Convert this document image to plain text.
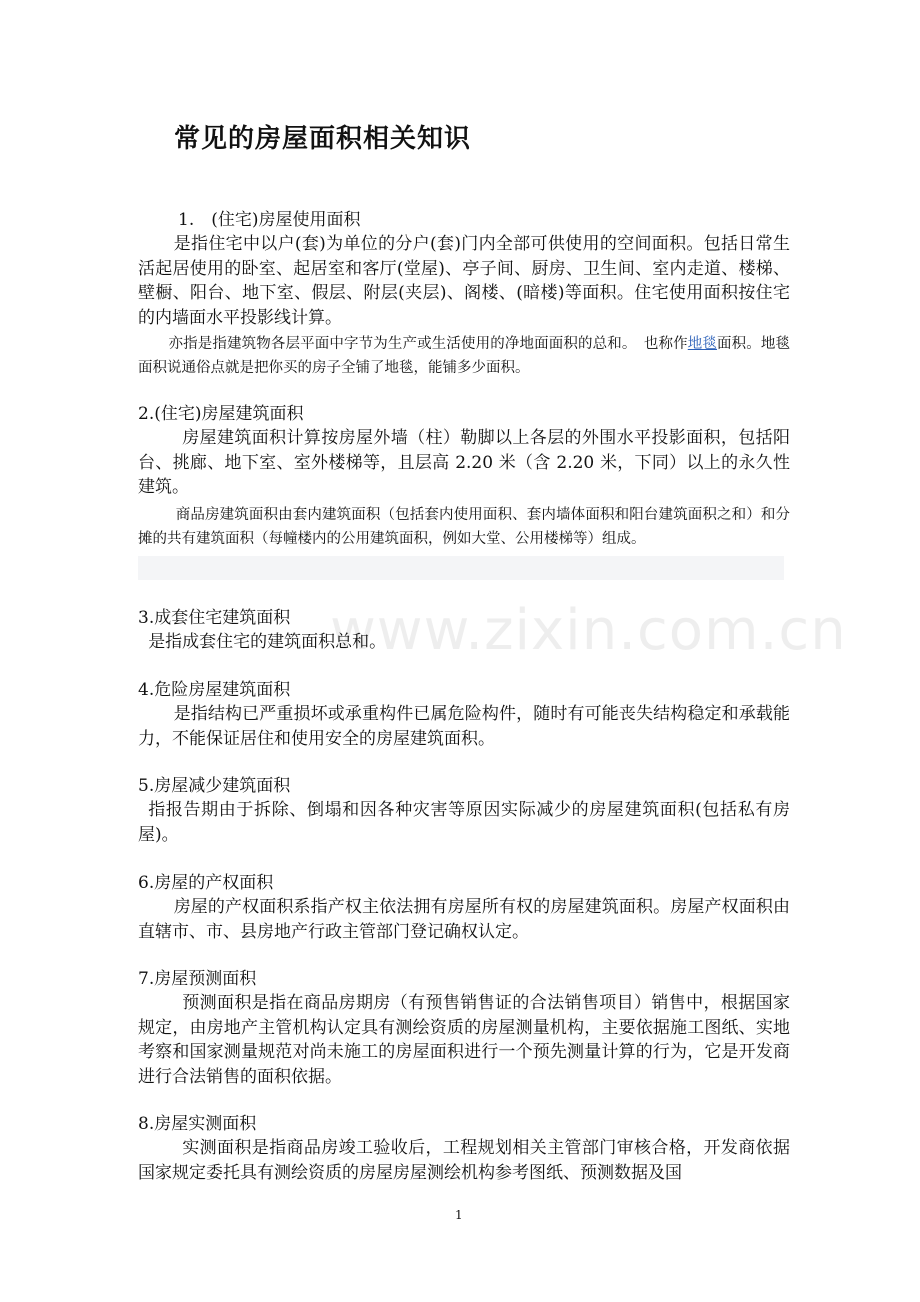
常见的房屋面积相关知识

1.　(住宅)房屋使用面积

是指住宅中以户(套)为单位的分户(套)门内全部可供使用的空间面积。包括日常生活起居使用的卧室、起居室和客厅(堂屋)、亭子间、厨房、卫生间、室内走道、楼梯、壁橱、阳台、地下室、假层、附层(夹层)、阁楼、(暗楼)等面积。住宅使用面积按住宅的内墙面水平投影线计算。

亦指是指建筑物各层平面中字节为生产或生活使用的净地面面积的总和。　也称作地毯面积。地毯面积说通俗点就是把你买的房子全铺了地毯，能铺多少面积。

2.(住宅)房屋建筑面积

房屋建筑面积计算按房屋外墙（柱）勒脚以上各层的外围水平投影面积，包括阳台、挑廊、地下室、室外楼梯等，且层高 2.20 米（含 2.20 米，下同）以上的永久性建筑。

商品房建筑面积由套内建筑面积（包括套内使用面积、套内墙体面积和阳台建筑面积之和）和分摊的共有建筑面积（每幢楼内的公用建筑面积，例如大堂、公用楼梯等）组成。

www.zixin.com.cn

3.成套住宅建筑面积

是指成套住宅的建筑面积总和。

4.危险房屋建筑面积

是指结构已严重损坏或承重构件已属危险构件，随时有可能丧失结构稳定和承载能力，不能保证居住和使用安全的房屋建筑面积。

5.房屋减少建筑面积

指报告期由于拆除、倒塌和因各种灾害等原因实际减少的房屋建筑面积(包括私有房屋)。

6.房屋的产权面积

房屋的产权面积系指产权主依法拥有房屋所有权的房屋建筑面积。房屋产权面积由直辖市、市、县房地产行政主管部门登记确权认定。

7.房屋预测面积

预测面积是指在商品房期房（有预售销售证的合法销售项目）销售中，根据国家规定，由房地产主管机构认定具有测绘资质的房屋测量机构，主要依据施工图纸、实地考察和国家测量规范对尚未施工的房屋面积进行一个预先测量计算的行为，它是开发商进行合法销售的面积依据。

8.房屋实测面积

实测面积是指商品房竣工验收后，工程规划相关主管部门审核合格，开发商依据国家规定委托具有测绘资质的房屋房屋测绘机构参考图纸、预测数据及国

1
